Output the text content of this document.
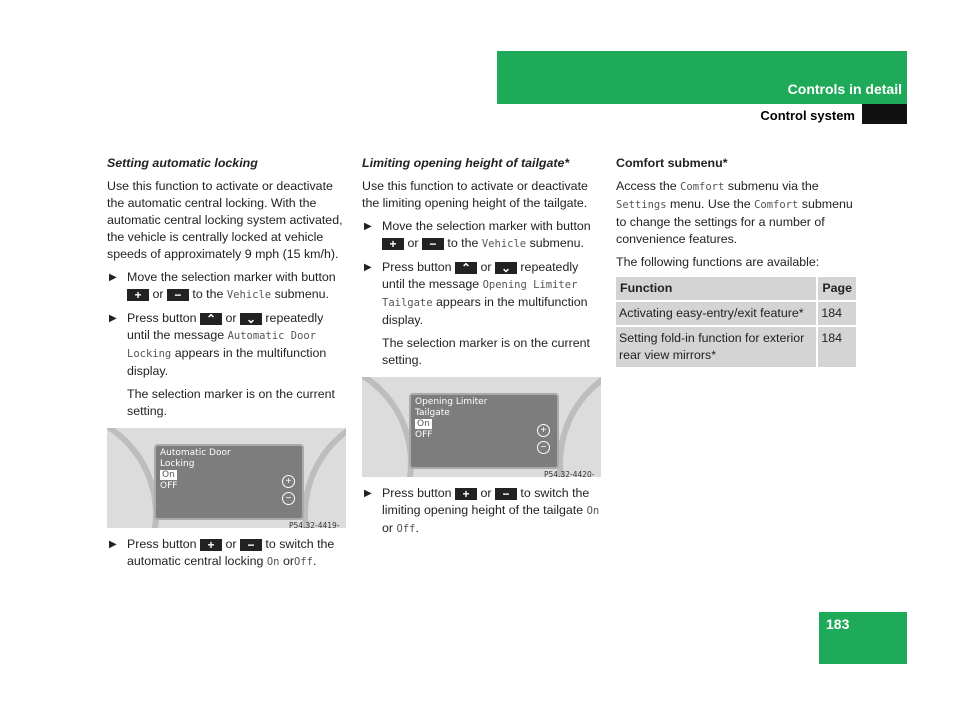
Controls in detail
Control system

Setting automatic locking

Use this function to activate or deactivate the automatic central locking. With the automatic central locking system activated, the vehicle is centrally locked at vehicle speeds of approximately 9 mph (15 km/h).

▶ Move the selection marker with button + or − to the Vehicle submenu.
▶ Press button ⌃ or ⌄ repeatedly until the message Automatic Door Locking appears in the multifunction display.

The selection marker is on the current setting.

Automatic Door
Locking
On
OFF	+
−
P54.32-4419-
▶ Press button + or − to switch the automatic central locking On orOff.

Limiting opening height of tailgate*

Use this function to activate or deactivate the limiting opening height of the tailgate.

▶ Move the selection marker with button + or − to the Vehicle submenu.
▶ Press button ⌃ or ⌄ repeatedly until the message Opening Limiter Tailgate appears in the multifunction display.

The selection marker is on the current setting.

Opening Limiter
Tailgate
On
OFF	+
−
P54.32-4420-
▶ Press button + or − to switch the limiting opening height of the tailgate On or Off.

Comfort submenu*

Access the Comfort submenu via the Settings menu. Use the Comfort submenu to change the settings for a number of convenience features.

The following functions are available:

Function	Page
Activating easy-entry/exit feature*	184
Setting fold-in function for exterior rear view mirrors*	184
183
